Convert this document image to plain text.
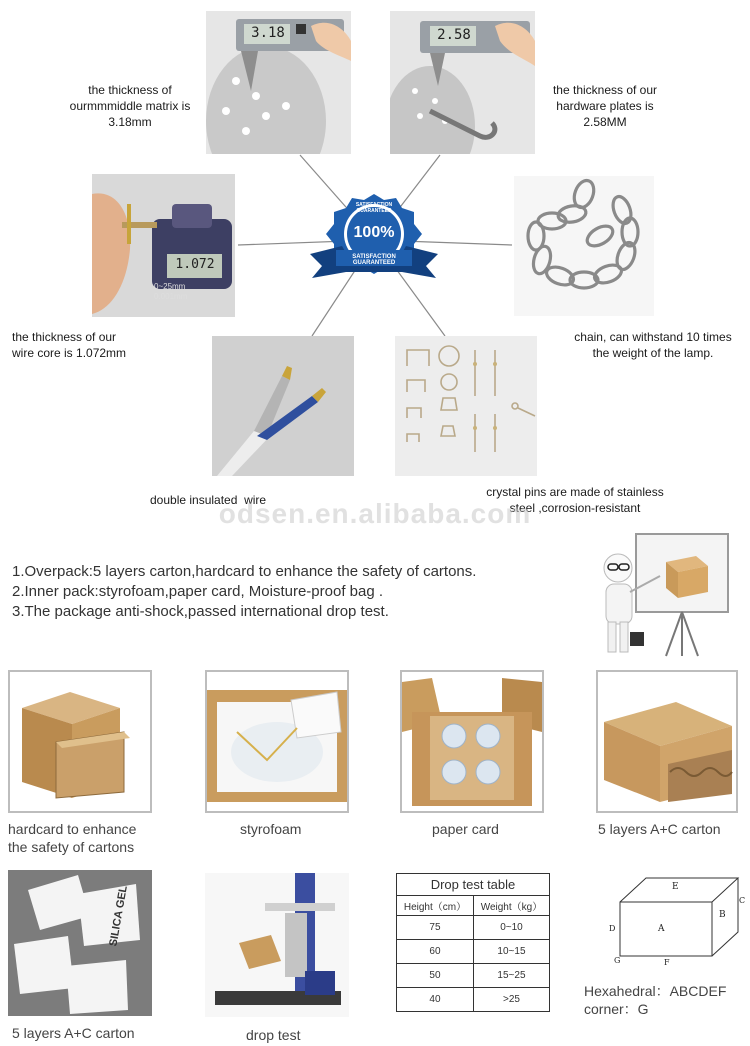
3.18	2.58
the thickness of
ourmmmiddle matrix is
3.18mm
the thickness of our
hardware plates is
2.58MM
1.072
0~25mm
0.001mm
SATISFACTION GUARANTEED
100%
SATISFACTION GUARANTEED
the thickness of our
wire core is 1.072mm
chain, can withstand 10 times
the weight of the lamp.
double insulated  wire
crystal pins are made of stainless
steel ,corrosion-resistant
odsen.en.alibaba.com
1.Overpack:5 layers carton,hardcard to enhance the safety of cartons.
2.Inner pack:styrofoam,paper card, Moisture-proof bag .
3.The package anti-shock,passed international drop test.
hardcard to enhance
the safety of cartons
styrofoam	paper card	5 layers A+C carton
SILICA GEL
5 layers A+C carton	drop test
Drop test table	
Height（cm）	Weight（kg）
75	0~10
60	10~15
50	15~25
40	>25
E
A
B
C
D
F
G
Hexahedral：ABCDEF
corner：G
